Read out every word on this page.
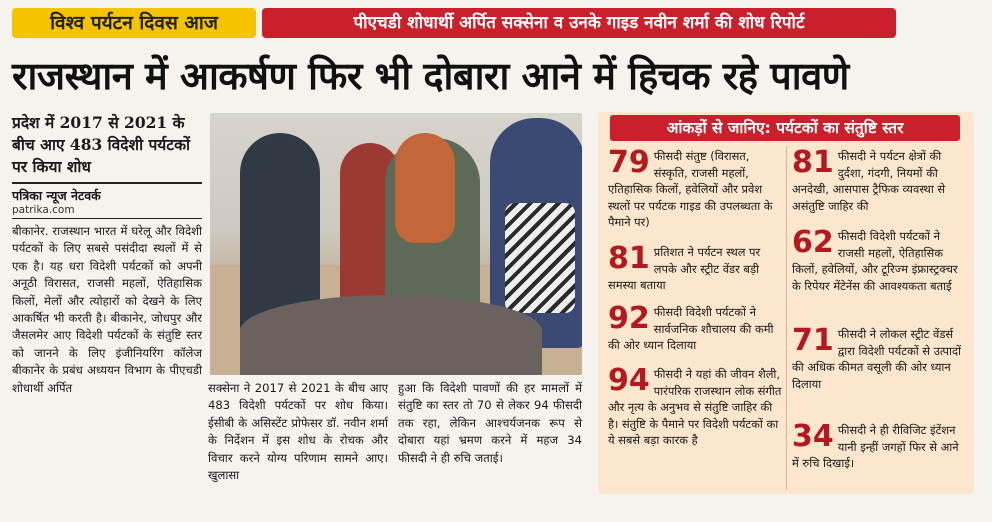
विश्व पर्यटन दिवस आज	पीएचडी शोधार्थी अर्पित सक्सेना व उनके गाइड नवीन शर्मा की शोध रिपोर्ट
राजस्थान में आकर्षण फिर भी दोबारा आने में हिचक रहे पावणे
प्रदेश में 2017 से 2021 के बीच आए 483 विदेशी पर्यटकों पर किया शोध
पत्रिका न्यूज नेटवर्क
patrika.com

बीकानेर. राजस्थान भारत में घरेलू और विदेशी पर्यटकों के लिए सबसे पसंदीदा स्थलों में से एक है। यह धरा विदेशी पर्यटकों को अपनी अनूठी विरासत, राजसी महलों, ऐतिहासिक किलों, मेलों और त्योहारों को देखने के लिए आकर्षित भी करती है। बीकानेर, जोधपुर और जैसलमेर आए विदेशी पर्यटकों के संतुष्टि स्तर को जानने के लिए इंजीनियरिंग कॉलेज बीकानेर के प्रबंध अध्ययन विभाग के पीएचडी शोधार्थी अर्पित	सक्सेना ने 2017 से 2021 के बीच आए 483 विदेशी पर्यटकों पर शोध किया। ईसीबी के असिस्टेंट प्रोफेसर डॉ. नवीन शर्मा के निर्देशन में इस शोध के रोचक और विचार करने योग्य परिणाम सामने आए। खुलासा

हुआ कि विदेशी पावणों की हर मामलों में संतुष्टि का स्तर तो 70 से लेकर 94 फीसदी तक रहा, लेकिन आश्चर्यजनक रूप से दोबारा यहां भ्रमण करने में महज 34 फीसदी ने ही रुचि जताई।

आंकड़ों से जानिए: पर्यटकों का संतुष्टि स्तर
79 फीसदी संतुष्ट (विरासत, संस्कृति, राजसी महलों, एतिहासिक किलों, हवेलियों और प्रवेश स्थलों पर पर्यटक गाइड की उपलब्धता के पैमाने पर)
81 प्रतिशत ने पर्यटन स्थल पर लपके और स्ट्रीट वेंडर बड़ी समस्या बताया
92 फीसदी विदेशी पर्यटकों ने सार्वजनिक शौचालय की कमी की ओर ध्यान दिलाया
94 फीसदी ने यहां की जीवन शैली, पारंपरिक राजस्थान लोक संगीत और नृत्य के अनुभव से संतुष्टि जाहिर की है। संतुष्टि के पैमाने पर विदेशी पर्यटकों का ये सबसे बड़ा कारक है
81 फीसदी ने पर्यटन क्षेत्रों की दुर्दशा, गंदगी, नियमों की अनदेखी, आसपास ट्रैफिक व्यवस्था से असंतुष्टि जाहिर की
62 फीसदी विदेशी पर्यटकों ने राजसी महलों, ऐतिहासिक किलों, हवेलियों, और टूरिज्म इंफ्रास्ट्रक्चर के रिपेयर मेंटेनेंस की आवश्यकता बताई
71 फीसदी ने लोकल स्ट्रीट वेंडर्स द्वारा विदेशी पर्यटकों से उत्पादों की अधिक कीमत वसूली की ओर ध्यान दिलाया
34 फीसदी ने ही रीविजिट इंटेंशन यानी इन्हीं जगहों फिर से आने में रुचि दिखाई।
